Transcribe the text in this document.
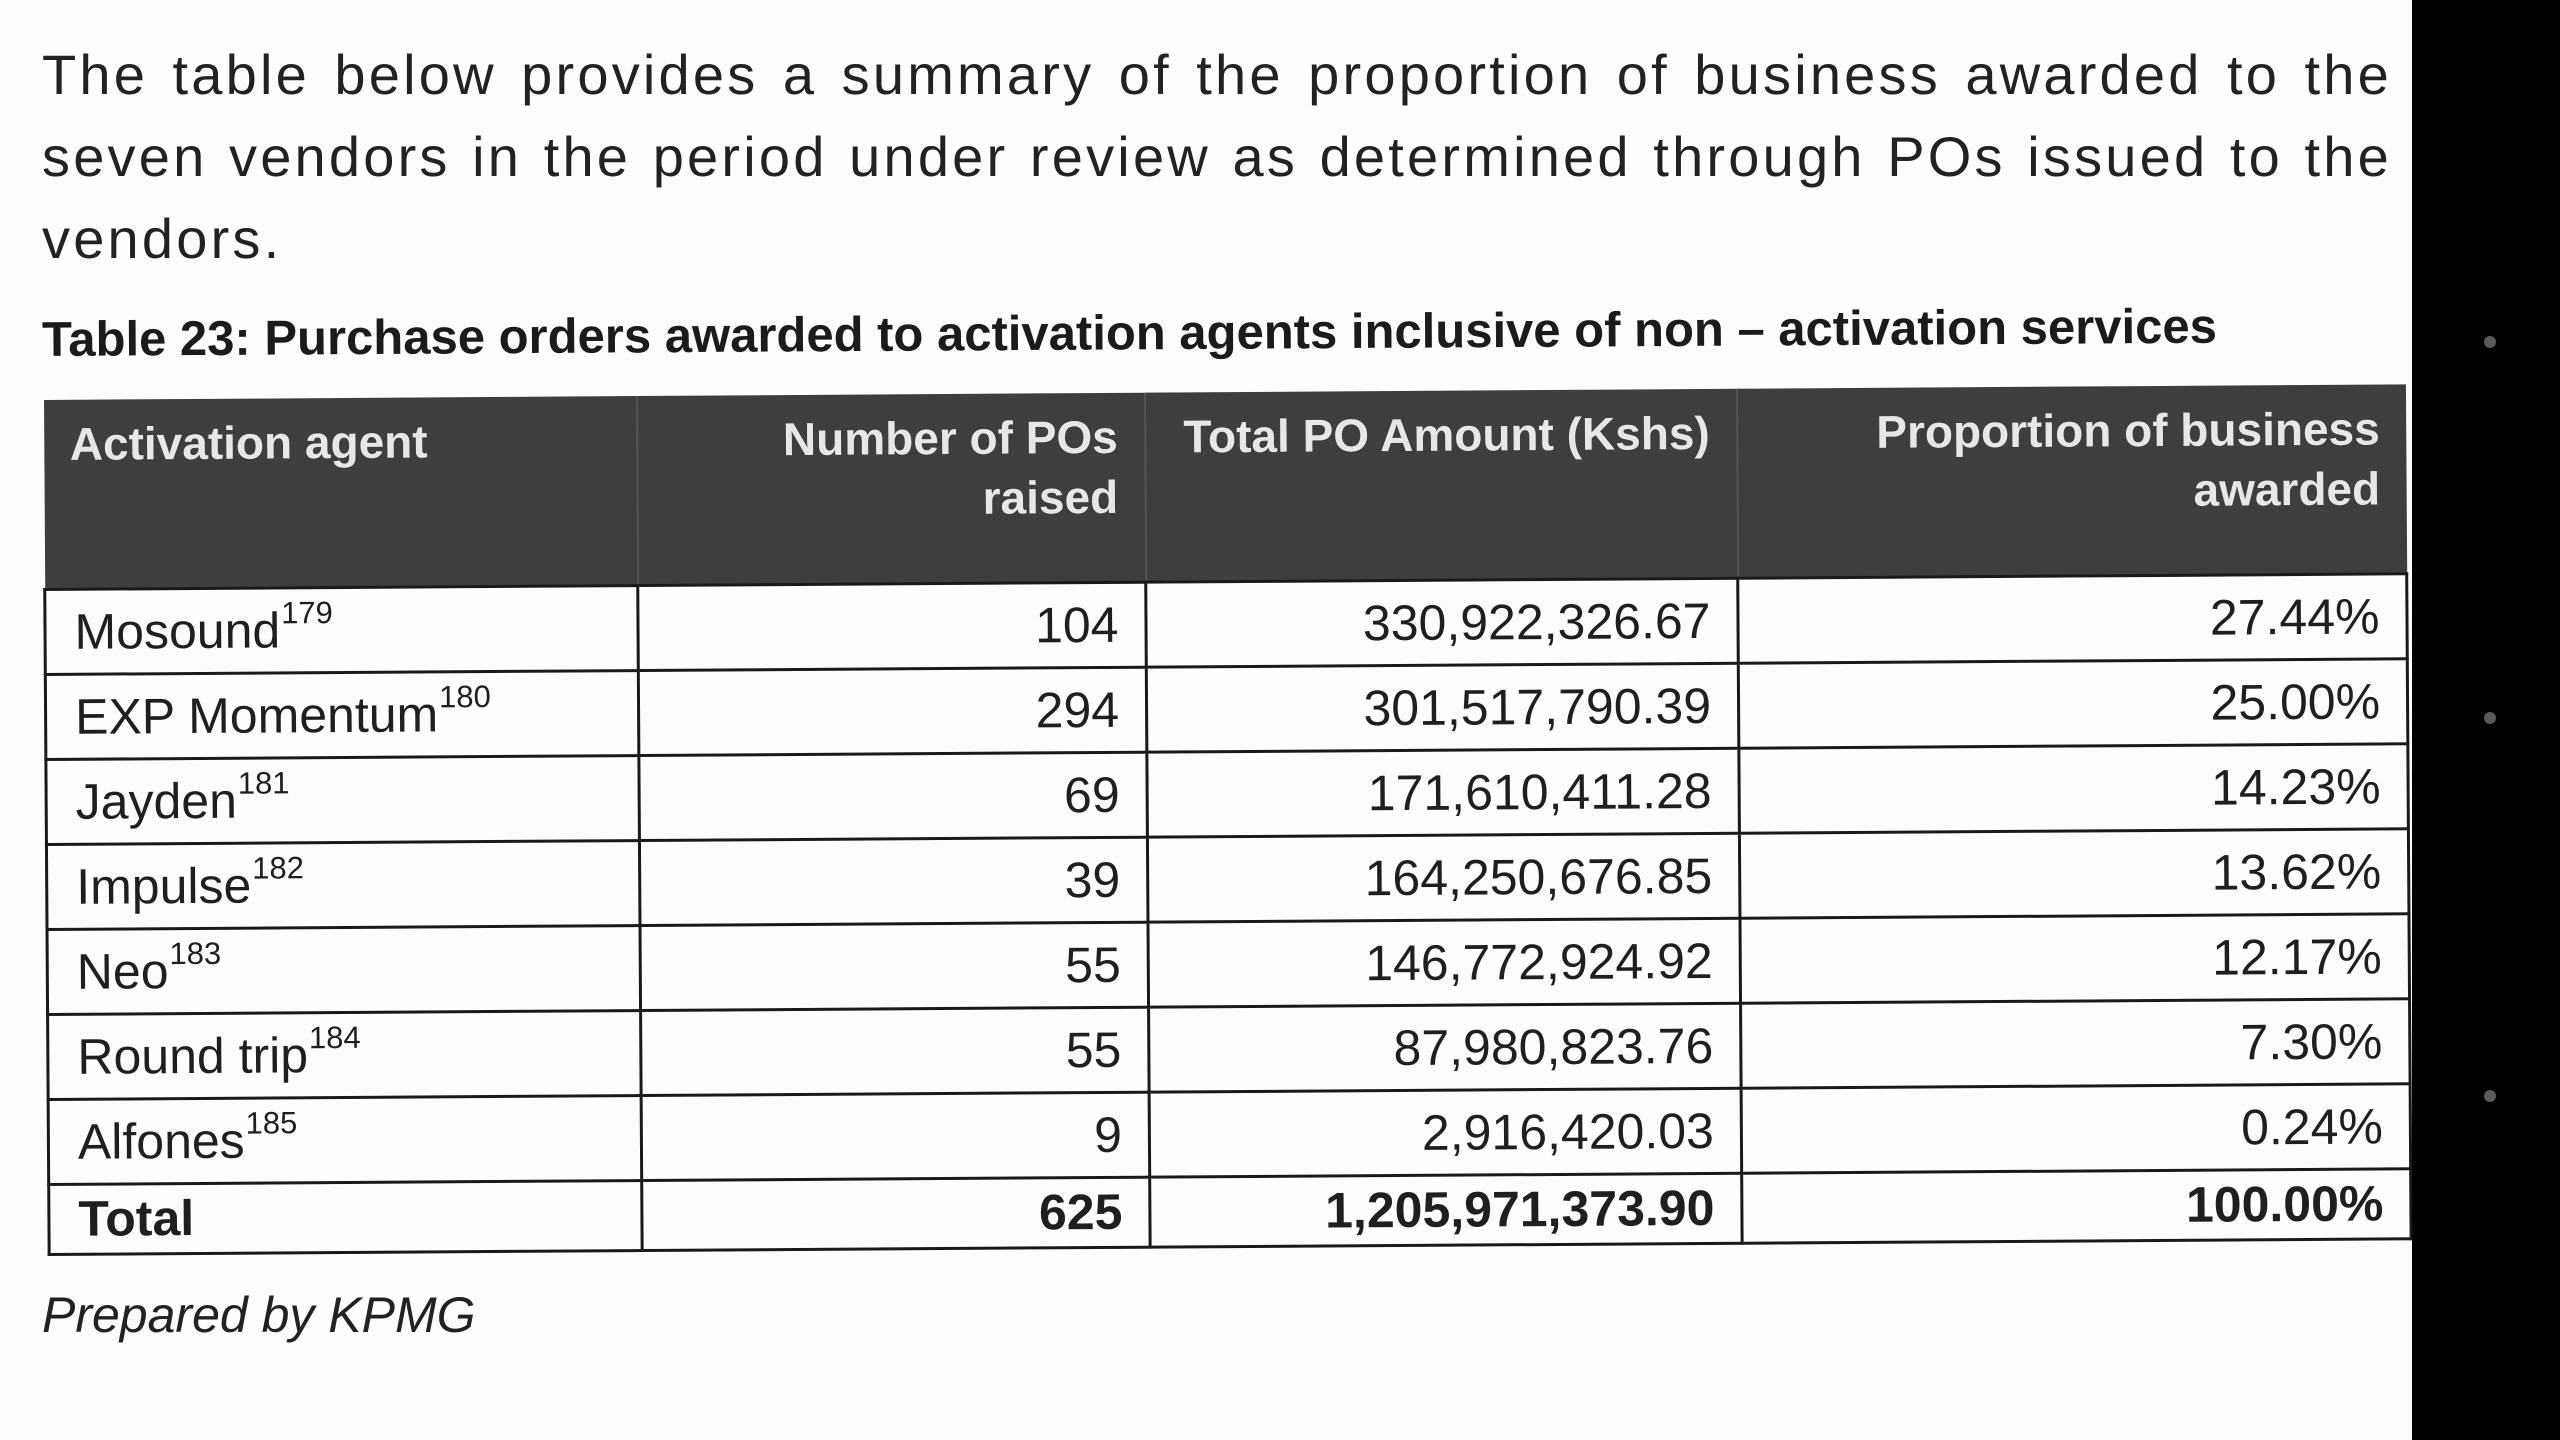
The table below provides a summary of the proportion of business awarded to the seven vendors in the period under review as determined through POs issued to the vendors.

Table 23: Purchase orders awarded to activation agents inclusive of non – activation services

Activation agent	Number of POs raised	Total PO Amount (Kshs)	Proportion of business awarded
Mosound$^{179}$	104	330,922,326.67	27.44%
EXP Momentum$^{180}$	294	301,517,790.39	25.00%
Jayden$^{181}$	69	171,610,411.28	14.23%
Impulse$^{182}$	39	164,250,676.85	13.62%
Neo$^{183}$	55	146,772,924.92	12.17%
Round trip$^{184}$	55	87,980,823.76	7.30%
Alfones$^{185}$	9	2,916,420.03	0.24%
Total	625	1,205,971,373.90	100.00%

Prepared by KPMG
